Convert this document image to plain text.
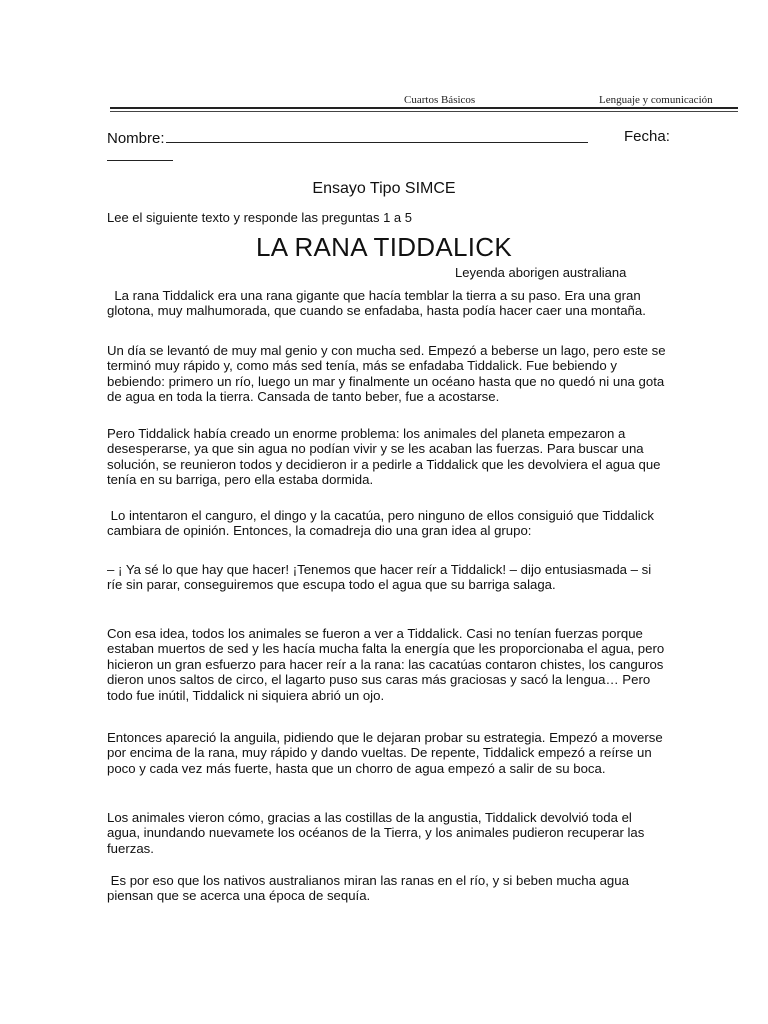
Cuartos Básicos	Lenguaje y comunicación
Nombre:	Fecha:
Ensayo Tipo SIMCE
Lee el siguiente texto y responde las preguntas 1 a 5
LA RANA TIDDALICK
Leyenda aborigen australiana

La rana Tiddalick era una rana gigante que hacía temblar la tierra a su paso. Era una gran glotona, muy malhumorada, que cuando se enfadaba, hasta podía hacer caer una montaña.

Un día se levantó de muy mal genio y con mucha sed. Empezó a beberse un lago, pero este se terminó muy rápido y, como más sed tenía, más se enfadaba Tiddalick. Fue bebiendo y bebiendo: primero un río, luego un mar y finalmente un océano hasta que no quedó ni una gota de agua en toda la tierra. Cansada de tanto beber, fue a acostarse.

Pero Tiddalick había creado un enorme problema: los animales del planeta empezaron a desesperarse, ya que sin agua no podían vivir y se les acaban las fuerzas. Para buscar una solución, se reunieron todos y decidieron ir a pedirle a Tiddalick que les devolviera el agua que tenía en su barriga, pero ella estaba dormida.

Lo intentaron el canguro, el dingo y la cacatúa, pero ninguno de ellos consiguió que Tiddalick cambiara de opinión. Entonces, la comadreja dio una gran idea al grupo:

– ¡ Ya sé lo que hay que hacer! ¡Tenemos que hacer reír a Tiddalick! – dijo entusiasmada – si ríe sin parar, conseguiremos que escupa todo el agua que su barriga salaga.

Con esa idea, todos los animales se fueron a ver a Tiddalick. Casi no tenían fuerzas porque estaban muertos de sed y les hacía mucha falta la energía que les proporcionaba el agua, pero hicieron un gran esfuerzo para hacer reír a la rana: las cacatúas contaron chistes, los canguros dieron unos saltos de circo, el lagarto puso sus caras más graciosas y sacó la lengua… Pero todo fue inútil, Tiddalick ni siquiera abrió un ojo.

Entonces apareció la anguila, pidiendo que le dejaran probar su estrategia. Empezó a moverse por encima de la rana, muy rápido y dando vueltas. De repente, Tiddalick empezó a reírse un poco y cada vez más fuerte, hasta que un chorro de agua empezó a salir de su boca.

Los animales vieron cómo, gracias a las costillas de la angustia, Tiddalick devolvió toda el agua, inundando nuevamete los océanos de la Tierra, y los animales pudieron recuperar las fuerzas.

Es por eso que los nativos australianos miran las ranas en el río, y si beben mucha agua piensan que se acerca una época de sequía.
